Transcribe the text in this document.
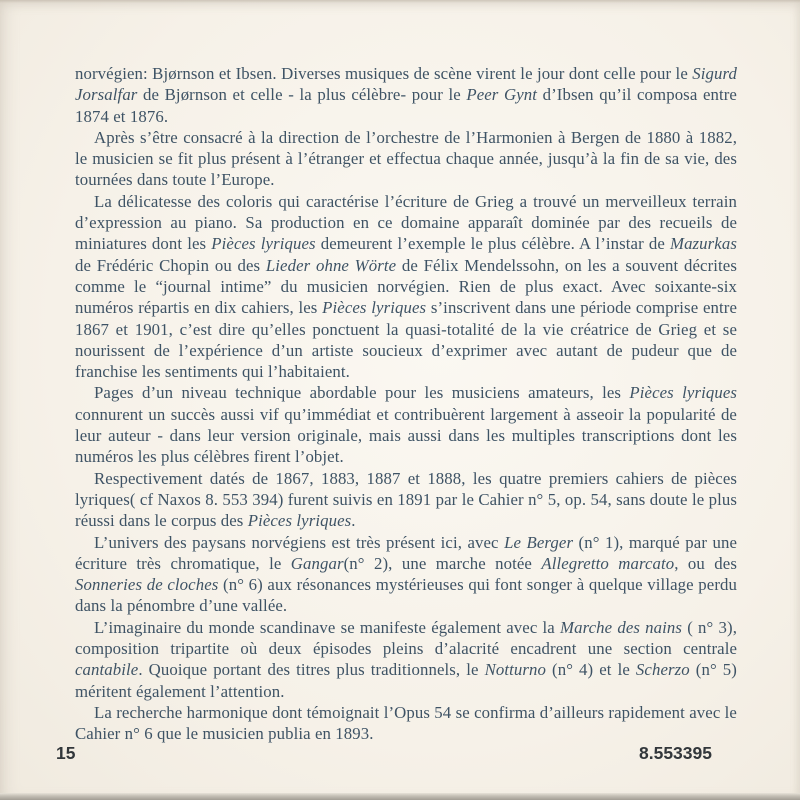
norvégien: Bjørnson et Ibsen. Diverses musiques de scène virent le jour dont celle pour le Sigurd Jorsalfar de Bjørnson et celle - la plus célèbre- pour le Peer Gynt d’Ibsen qu’il composa entre 1874 et 1876.

Après s’être consacré à la direction de l’orchestre de l’Harmonien à Bergen de 1880 à 1882, le musicien se fit plus présent à l’étranger et effectua chaque année, jusqu’à la fin de sa vie, des tournées dans toute l’Europe.

La délicatesse des coloris qui caractérise l’écriture de Grieg a trouvé un merveilleux terrain d’expression au piano. Sa production en ce domaine apparaît dominée par des recueils de miniatures dont les Pièces lyriques demeurent l’exemple le plus célèbre. A l’instar de Mazurkas de Frédéric Chopin ou des Lieder ohne Wörte de Félix Mendelssohn, on les a souvent décrites comme le “journal intime” du musicien norvégien. Rien de plus exact. Avec soixante-six numéros répartis en dix cahiers, les Pièces lyriques s’inscrivent dans une période comprise entre 1867 et 1901, c’est dire qu’elles ponctuent la quasi-totalité de la vie créatrice de Grieg et se nourissent de l’expérience d’un artiste soucieux d’exprimer avec autant de pudeur que de franchise les sentiments qui l’habitaient.

Pages d’un niveau technique abordable pour les musiciens amateurs, les Pièces lyriques connurent un succès aussi vif qu’immédiat et contribuèrent largement à asseoir la popularité de leur auteur - dans leur version originale, mais aussi dans les multiples transcriptions dont les numéros les plus célèbres firent l’objet.

Respectivement datés de 1867, 1883, 1887 et 1888, les quatre premiers cahiers de pièces lyriques( cf Naxos 8. 553 394) furent suivis en 1891 par le Cahier n° 5, op. 54, sans doute le plus réussi dans le corpus des Pièces lyriques.

L’univers des paysans norvégiens est très présent ici, avec Le Berger (n° 1), marqué par une écriture très chromatique, le Gangar(n° 2), une marche notée Allegretto marcato, ou des Sonneries de cloches (n° 6) aux résonances mystérieuses qui font songer à quelque village perdu dans la pénombre d’une vallée.

L’imaginaire du monde scandinave se manifeste également avec la Marche des nains ( n° 3), composition tripartite où deux épisodes pleins d’alacrité encadrent une section centrale cantabile. Quoique portant des titres plus traditionnels, le Notturno (n° 4) et le Scherzo (n° 5) méritent également l’attention.

La recherche harmonique dont témoignait l’Opus 54 se confirma d’ailleurs rapidement avec le Cahier n° 6 que le musicien publia en 1893.

15	8.553395
